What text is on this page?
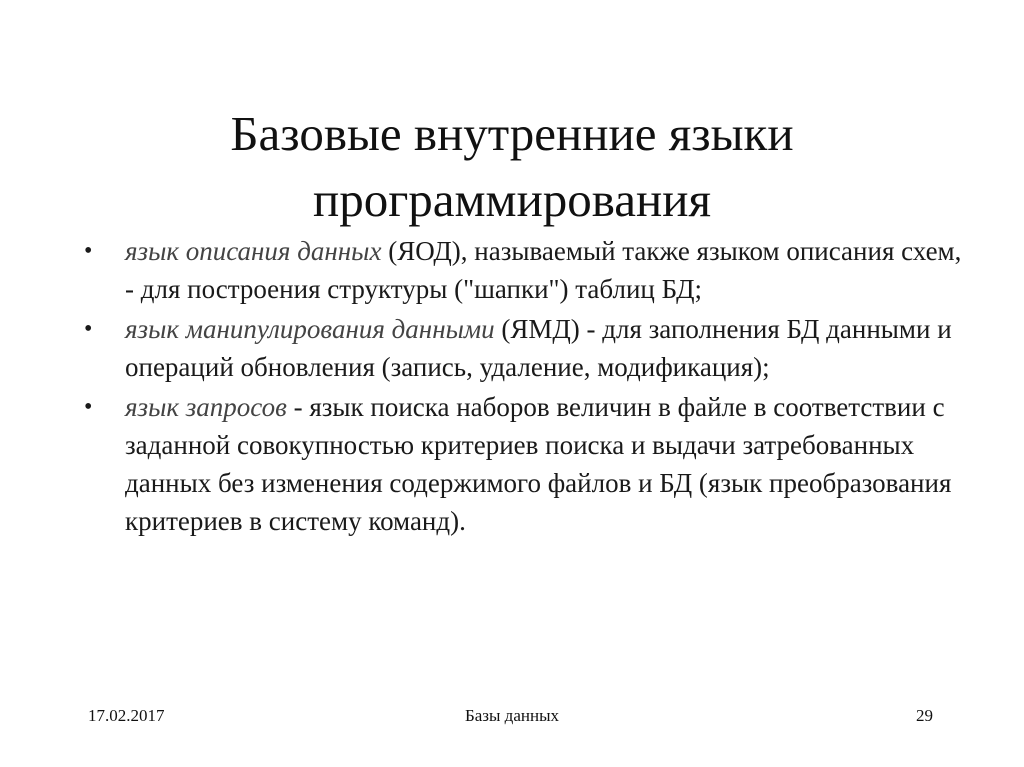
Базовые внутренние языки
программирования
•	язык описания данных (ЯОД), называемый также языком описания схем, - для построения структуры ("шапки") таблиц БД;
•	язык манипулирования данными (ЯМД) - для заполнения БД данными и операций обновления (запись, удаление, модификация);
•	язык запросов - язык поиска наборов величин в файле в соответствии с заданной совокупностью критериев поиска и выдачи затребованных данных без изменения содержимого файлов и БД (язык преобразования критериев в систему команд).
17.02.2017	Базы данных	29
